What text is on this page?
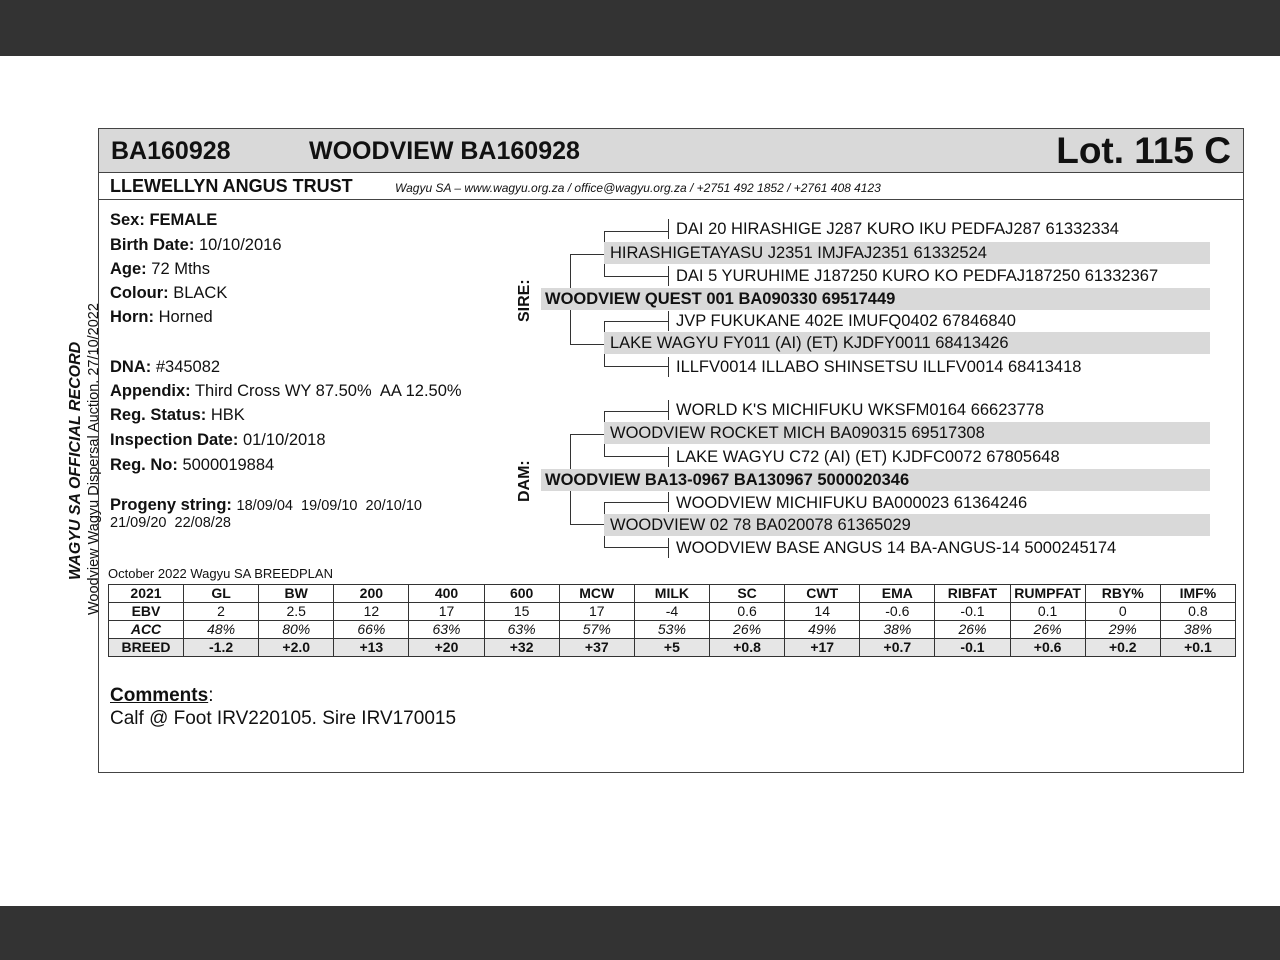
BA160928	WOODVIEW BA160928	Lot. 115 C
LLEWELLYN ANGUS TRUST	Wagyu SA – www.wagyu.org.za / office@wagyu.org.za / +2751 492 1852 / +2761 408 4123
WAGYU SA OFFICIAL RECORD Woodview Wagyu Dispersal Auction. 27/10/2022
Sex: FEMALE
Birth Date: 10/10/2016
Age: 72 Mths
Colour: BLACK
Horn: Horned
DNA: #345082
Appendix: Third Cross WY 87.50%  AA 12.50%
Reg. Status: HBK
Inspection Date: 01/10/2018
Reg. No: 5000019884
Progeny string: 18/09/04  19/09/10  20/10/10
21/09/20  22/08/28
SIRE:
DAM:
DAI 20 HIRASHIGE J287 KURO IKU PEDFAJ287 61332334
HIRASHIGETAYASU J2351 IMJFAJ2351 61332524
DAI 5 YURUHIME J187250 KURO KO PEDFAJ187250 61332367
WOODVIEW QUEST 001 BA090330 69517449
JVP FUKUKANE 402E IMUFQ0402 67846840
LAKE WAGYU FY011 (AI) (ET) KJDFY0011 68413426
ILLFV0014 ILLABO SHINSETSU ILLFV0014 68413418
WORLD K'S MICHIFUKU WKSFM0164 66623778
WOODVIEW ROCKET MICH BA090315 69517308
LAKE WAGYU C72 (AI) (ET) KJDFC0072 67805648
WOODVIEW BA13-0967 BA130967 5000020346
WOODVIEW MICHIFUKU BA000023 61364246
WOODVIEW 02 78 BA020078 61365029
WOODVIEW BASE ANGUS 14 BA-ANGUS-14 5000245174
October 2022 Wagyu SA BREEDPLAN
2021	GL	BW	200	400	600	MCW	MILK	SC	CWT	EMA	RIBFAT	RUMPFAT	RBY%	IMF%
EBV	2	2.5	12	17	15	17	-4	0.6	14	-0.6	-0.1	0.1	0	0.8
ACC	48%	80%	66%	63%	63%	57%	53%	26%	49%	38%	26%	26%	29%	38%
BREED	-1.2	+2.0	+13	+20	+32	+37	+5	+0.8	+17	+0.7	-0.1	+0.6	+0.2	+0.1
Comments:
Calf @ Foot IRV220105. Sire IRV170015
